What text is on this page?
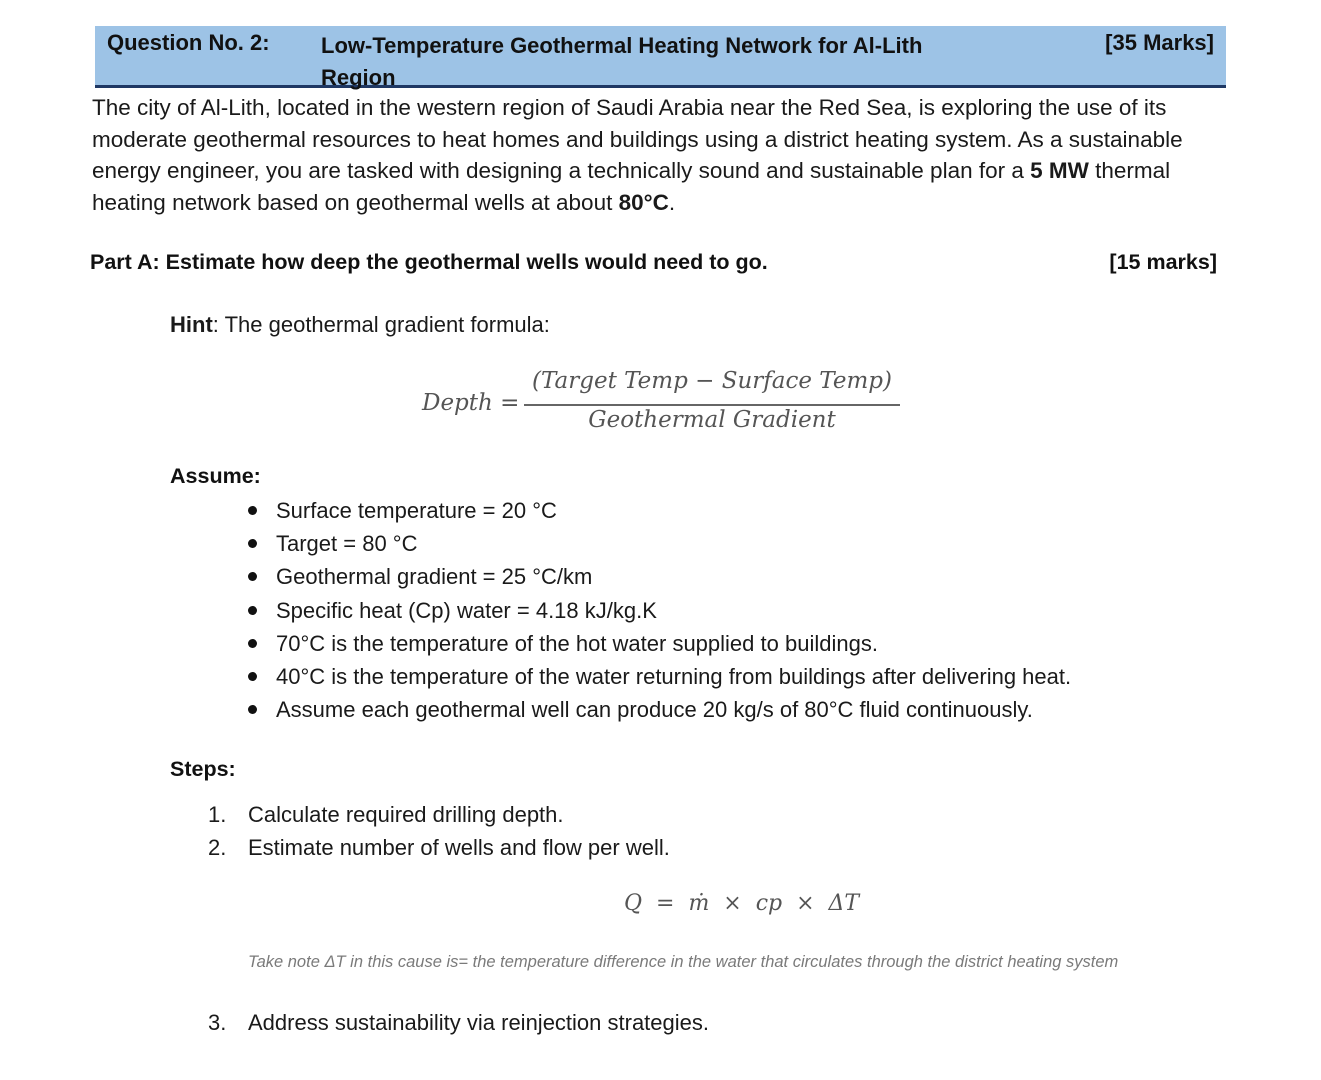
Question No. 2: Low-Temperature Geothermal Heating Network for Al-Lith Region
[35 Marks]
The city of Al-Lith, located in the western region of Saudi Arabia near the Red Sea, is exploring the use of its moderate geothermal resources to heat homes and buildings using a district heating system. As a sustainable energy engineer, you are tasked with designing a technically sound and sustainable plan for a 5 MW thermal heating network based on geothermal wells at about 80°C.
Part A: Estimate how deep the geothermal wells would need to go.	[15 marks]
Hint: The geothermal gradient formula:
Depth =
(Target Temp − Surface Temp)
Geothermal Gradient
Assume:
Surface temperature = 20 °C
Target = 80 °C
Geothermal gradient = 25 °C/km
Specific heat (Cp) water = 4.18 kJ/kg.K
70°C is the temperature of the hot water supplied to buildings.
40°C is the temperature of the water returning from buildings after delivering heat.
Assume each geothermal well can produce 20 kg/s of 80°C fluid continuously.
Steps:
1. Calculate required drilling depth.
2. Estimate number of wells and flow per well.
Q  =  ṁ  ×  cp  ×  ΔT
Take note ΔT in this cause is= the temperature difference in the water that circulates through the district heating system
3. Address sustainability via reinjection strategies.
